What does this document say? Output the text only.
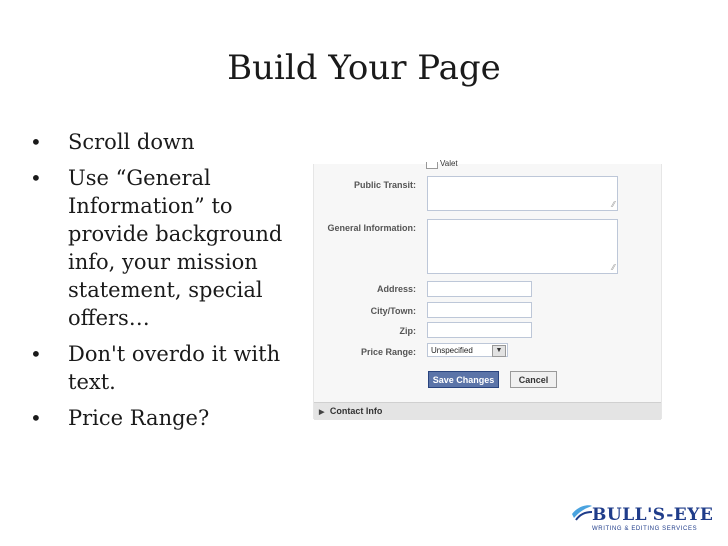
Build Your Page
• Scroll down
• Use “General Information” to provide background info, your mission statement, special offers…
• Don't overdo it with text.
• Price Range?
Valet
Public Transit:
⁄⁄
General Information:
⁄⁄
Address:
City/Town:
Zip:
Price Range:	Unspecified	▼
Save Changes	Cancel
▶ Contact Info
BULL'S-EYE
WRITING & EDITING SERVICES
